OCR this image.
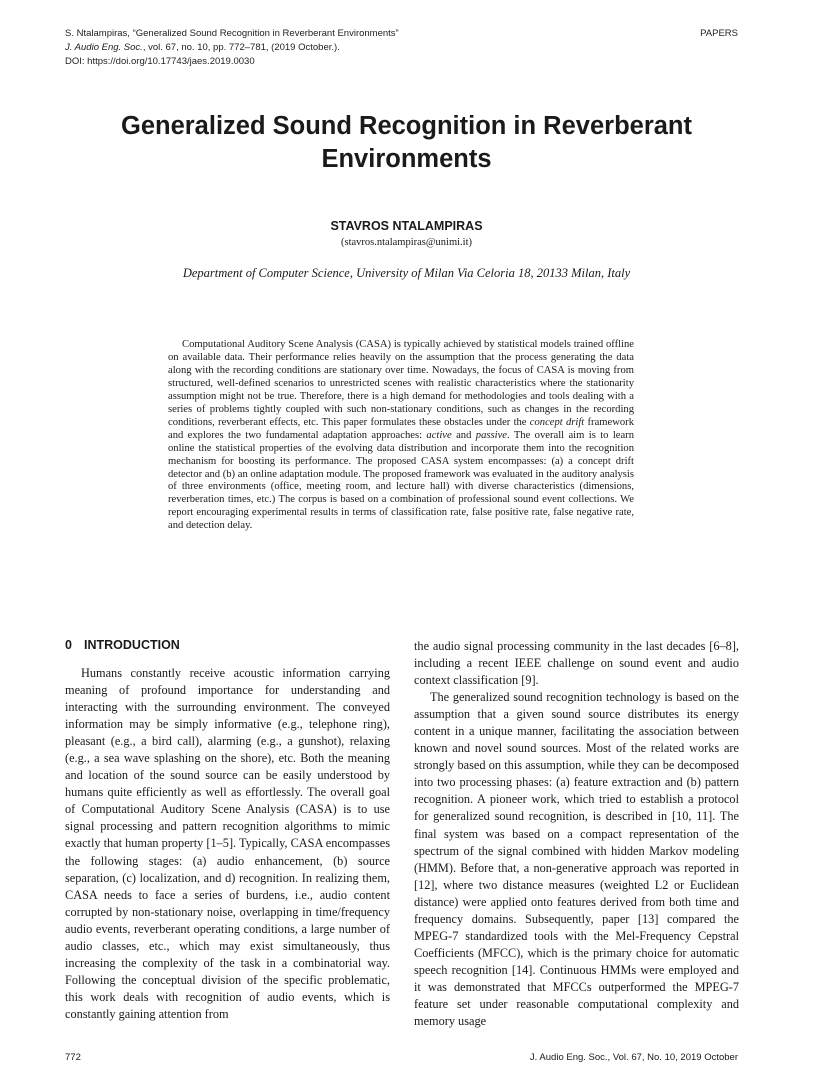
S. Ntalampiras, “Generalized Sound Recognition in Reverberant Environments”
J. Audio Eng. Soc., vol. 67, no. 10, pp. 772–781, (2019 October.).
DOI: https://doi.org/10.17743/jaes.2019.0030
PAPERS
Generalized Sound Recognition in Reverberant Environments
STAVROS NTALAMPIRAS
(stavros.ntalampiras@unimi.it)
Department of Computer Science, University of Milan Via Celoria 18, 20133 Milan, Italy
Computational Auditory Scene Analysis (CASA) is typically achieved by statistical models trained offline on available data. Their performance relies heavily on the assumption that the process generating the data along with the recording conditions are stationary over time. Nowadays, the focus of CASA is moving from structured, well-defined scenarios to unrestricted scenes with realistic characteristics where the stationarity assumption might not be true. Therefore, there is a high demand for methodologies and tools dealing with a series of problems tightly coupled with such non-stationary conditions, such as changes in the recording conditions, reverberant effects, etc. This paper formulates these obstacles under the concept drift framework and explores the two fundamental adaptation approaches: active and passive. The overall aim is to learn online the statistical properties of the evolving data distribution and incorporate them into the recognition mechanism for boosting its performance. The proposed CASA system encompasses: (a) a concept drift detector and (b) an online adaptation module. The proposed framework was evaluated in the auditory analysis of three environments (office, meeting room, and lecture hall) with diverse characteristics (dimensions, reverberation times, etc.) The corpus is based on a combination of professional sound event collections. We report encouraging experimental results in terms of classification rate, false positive rate, false negative rate, and detection delay.
0 INTRODUCTION

Humans constantly receive acoustic information carrying meaning of profound importance for understanding and interacting with the surrounding environment. The conveyed information may be simply informative (e.g., telephone ring), pleasant (e.g., a bird call), alarming (e.g., a gunshot), relaxing (e.g., a sea wave splashing on the shore), etc. Both the meaning and location of the sound source can be easily understood by humans quite efficiently as well as effortlessly. The overall goal of Computational Auditory Scene Analysis (CASA) is to use signal processing and pattern recognition algorithms to mimic exactly that human property [1–5]. Typically, CASA encompasses the following stages: (a) audio enhancement, (b) source separation, (c) localization, and d) recognition. In realizing them, CASA needs to face a series of burdens, i.e., audio content corrupted by non-stationary noise, overlapping in time/frequency audio events, reverberant operating conditions, a large number of audio classes, etc., which may exist simultaneously, thus increasing the complexity of the task in a combinatorial way. Following the conceptual division of the specific problematic, this work deals with recognition of audio events, which is constantly gaining attention from

the audio signal processing community in the last decades [6–8], including a recent IEEE challenge on sound event and audio context classification [9].

The generalized sound recognition technology is based on the assumption that a given sound source distributes its energy content in a unique manner, facilitating the association between known and novel sound sources. Most of the related works are strongly based on this assumption, while they can be decomposed into two processing phases: (a) feature extraction and (b) pattern recognition. A pioneer work, which tried to establish a protocol for generalized sound recognition, is described in [10, 11]. The final system was based on a compact representation of the spectrum of the signal combined with hidden Markov modeling (HMM). Before that, a non-generative approach was reported in [12], where two distance measures (weighted L2 or Euclidean distance) were applied onto features derived from both time and frequency domains. Subsequently, paper [13] compared the MPEG-7 standardized tools with the Mel-Frequency Cepstral Coefficients (MFCC), which is the primary choice for automatic speech recognition [14]. Continuous HMMs were employed and it was demonstrated that MFCCs outperformed the MPEG-7 feature set under reasonable computational complexity and memory usage

772	J. Audio Eng. Soc., Vol. 67, No. 10, 2019 October
